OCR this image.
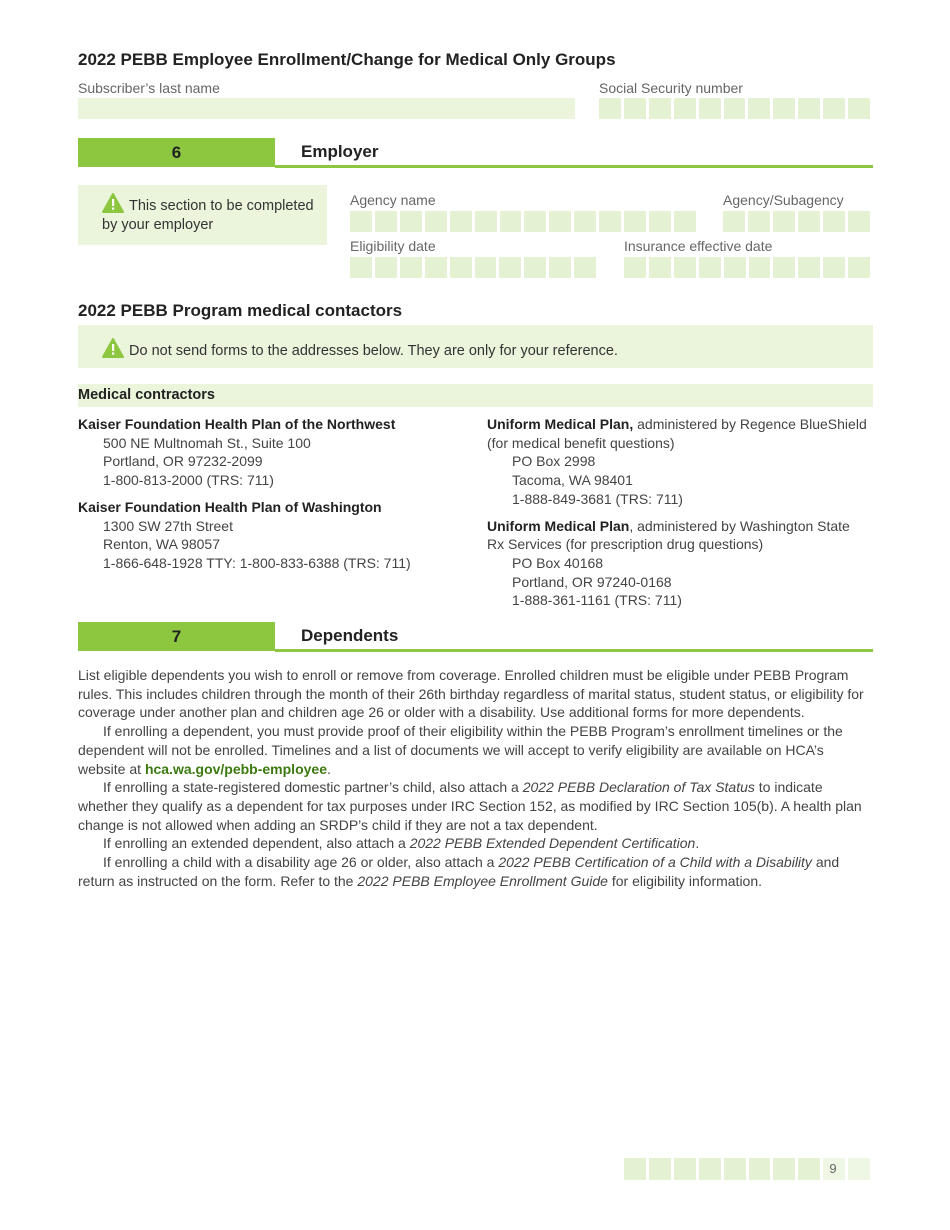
2022 PEBB Employee Enrollment/Change for Medical Only Groups
Subscriber’s last name	Social Security number
6	Employer
This section to be completed by your employer
Agency name	Agency/Subagency
Eligibility date	Insurance effective date
2022 PEBB Program medical contactors
Do not send forms to the addresses below. They are only for your reference.
Medical contractors
Kaiser Foundation Health Plan of the Northwest
500 NE Multnomah St., Suite 100
Portland, OR 97232-2099
1-800-813-2000 (TRS: 711)
Kaiser Foundation Health Plan of Washington
1300 SW 27th Street
Renton, WA 98057
1-866-648-1928 TTY: 1-800-833-6388 (TRS: 711)
Uniform Medical Plan, administered by Regence BlueShield
(for medical benefit questions)
PO Box 2998
Tacoma, WA 98401
1-888-849-3681 (TRS: 711)
Uniform Medical Plan, administered by Washington State
Rx Services (for prescription drug questions)
PO Box 40168
Portland, OR 97240-0168
1-888-361-1161 (TRS: 711)
7	Dependents

List eligible dependents you wish to enroll or remove from coverage. Enrolled children must be eligible under PEBB Program rules. This includes children through the month of their 26th birthday regardless of marital status, student status, or eligibility for coverage under another plan and children age 26 or older with a disability. Use additional forms for more dependents.

If enrolling a dependent, you must provide proof of their eligibility within the PEBB Program’s enrollment timelines or the dependent will not be enrolled. Timelines and a list of documents we will accept to verify eligibility are available on HCA’s website at hca.wa.gov/pebb-employee.

If enrolling a state-registered domestic partner’s child, also attach a 2022 PEBB Declaration of Tax Status to indicate whether they qualify as a dependent for tax purposes under IRC Section 152, as modified by IRC Section 105(b). A health plan change is not allowed when adding an SRDP’s child if they are not a tax dependent.

If enrolling an extended dependent, also attach a 2022 PEBB Extended Dependent Certification.

If enrolling a child with a disability age 26 or older, also attach a 2022 PEBB Certification of a Child with a Disability and return as instructed on the form. Refer to the 2022 PEBB Employee Enrollment Guide for eligibility information.

9
